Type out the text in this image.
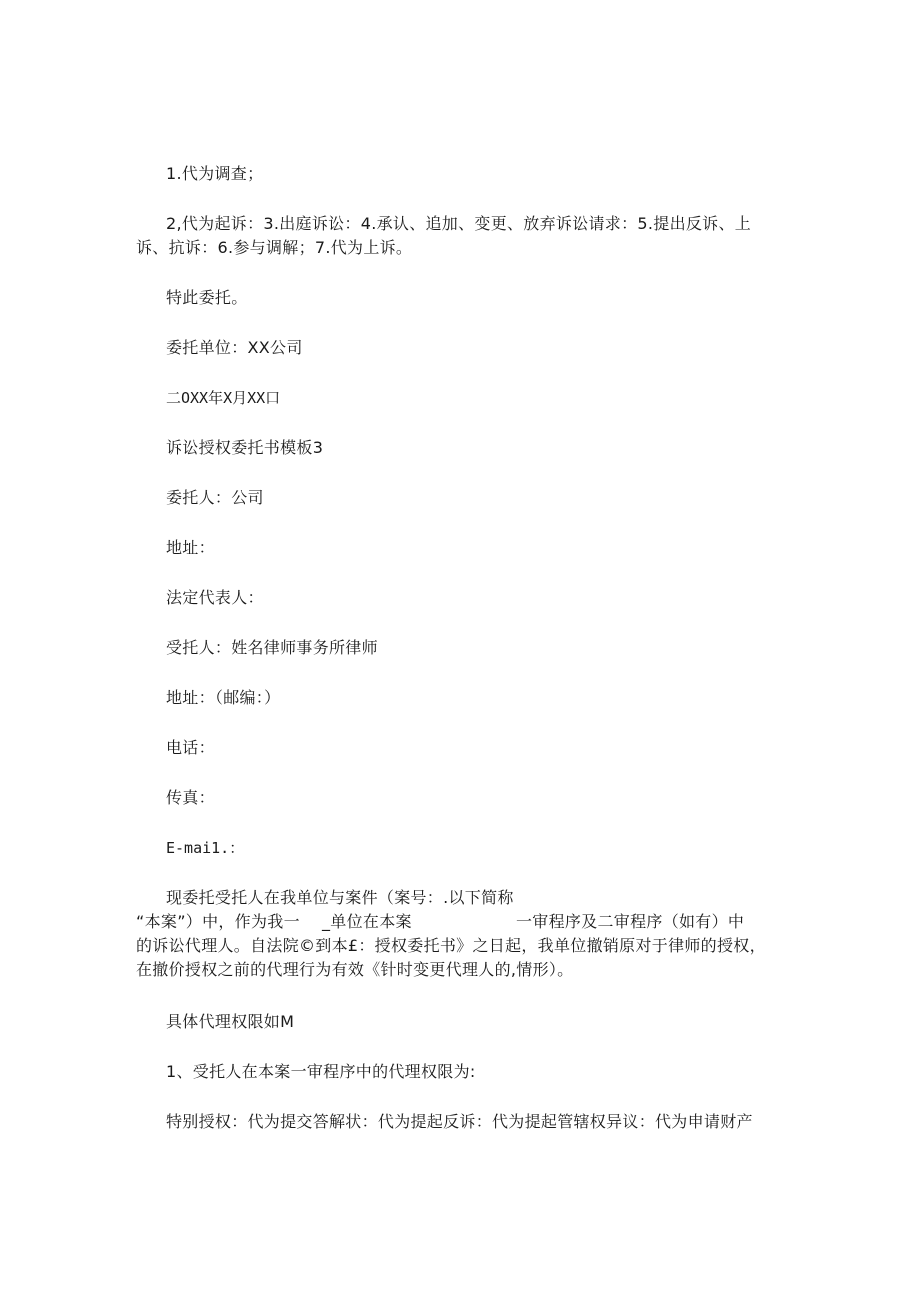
1.代为调查；
2,代为起诉：3.出庭诉讼：4.承认、追加、变更、放弃诉讼请求：5.提出反诉、上
诉、抗诉：6.参与调解；7.代为上诉。
特此委托。
委托单位：XX公司
二OXX年X月XX口
诉讼授权委托书模板3
委托人：公司
地址：
法定代表人：
受托人：姓名律师事务所律师
地址：（邮编：）
电话：
传真：
E-mai1.：
现委托受托人在我单位与案件（案号：.以下简称
“本案”）中，作为我一 _单位在本案	一审程序及二审程序（如有）中
的诉讼代理人。自法院©到本£：授权委托书》之日起，我单位撤销原对于律师的授权，
在撤价授权之前的代理行为有效《针时变更代理人的,情形）。
具体代理权限如M
1、受托人在本案一审程序中的代理权限为:
特别授权：代为提交答解状：代为提起反诉：代为提起管辖权异议：代为申请财产
